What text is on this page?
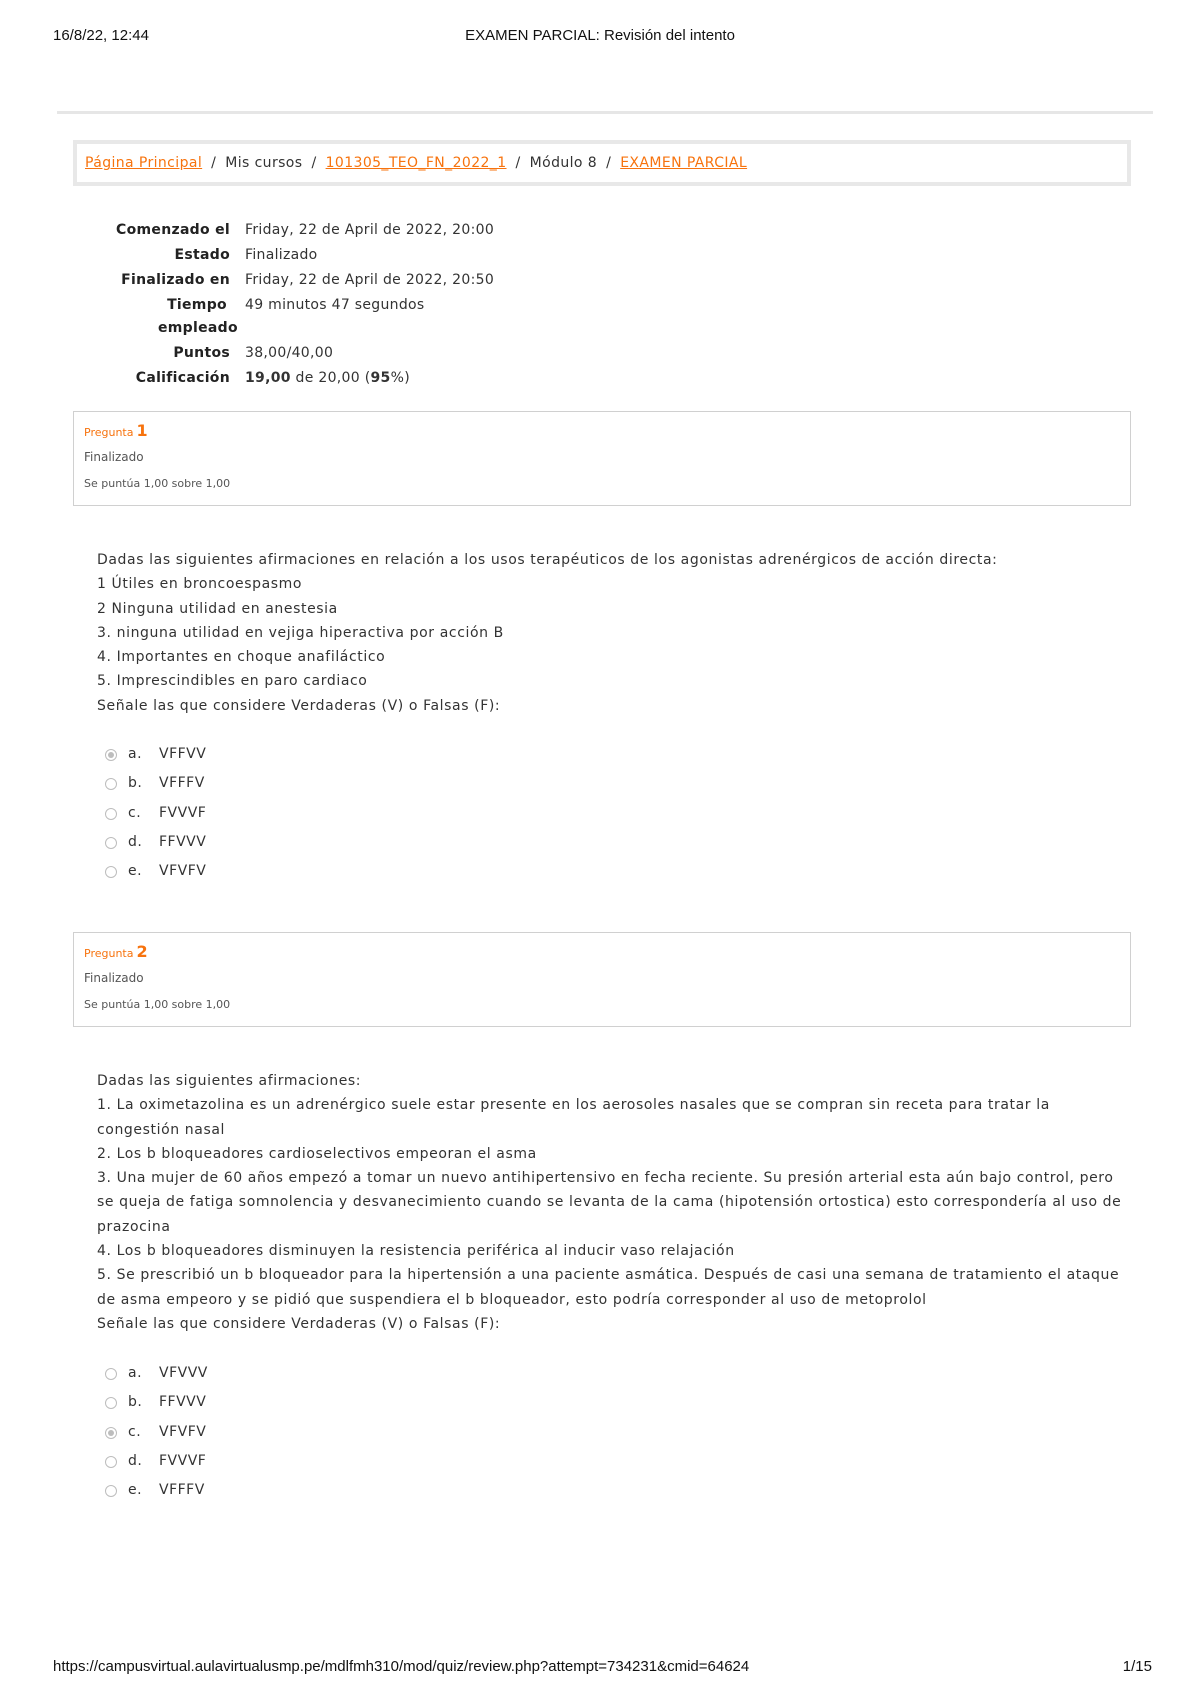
16/8/22, 12:44	EXAMEN PARCIAL: Revisión del intento
Página Principal / Mis cursos / 101305_TEO_FN_2022_1 / Módulo 8 / EXAMEN PARCIAL
Comenzado el Friday, 22 de April de 2022, 20:00
Estado Finalizado
Finalizado en Friday, 22 de April de 2022, 20:50
Tiempo empleado
49 minutos 47 segundos
Puntos 38,00/40,00
Calificación 19,00 de 20,00 (95%)
Pregunta 1
Finalizado
Se puntúa 1,00 sobre 1,00
Dadas las siguientes afirmaciones en relación a los usos terapéuticos de los agonistas adrenérgicos de acción directa:
1 Útiles en broncoespasmo
2 Ninguna utilidad en anestesia
3. ninguna utilidad en vejiga hiperactiva por acción B
4. Importantes en choque anafiláctico
5. Imprescindibles en paro cardiaco
Señale las que considere Verdaderas (V) o Falsas (F):
a. VFFVV
b. VFFFV
c. FVVVF
d. FFVVV
e. VFVFV
Pregunta 2
Finalizado
Se puntúa 1,00 sobre 1,00
Dadas las siguientes afirmaciones:
1. La oximetazolina es un adrenérgico suele estar presente en los aerosoles nasales que se compran sin receta para tratar la congestión nasal
2. Los b bloqueadores cardioselectivos empeoran el asma
3. Una mujer de 60 años empezó a tomar un nuevo antihipertensivo en fecha reciente. Su presión arterial esta aún bajo control, pero se queja de fatiga somnolencia y desvanecimiento cuando se levanta de la cama (hipotensión ortostica) esto correspondería al uso de prazocina
4. Los b bloqueadores disminuyen la resistencia periférica al inducir vaso relajación
5. Se prescribió un b bloqueador para la hipertensión a una paciente asmática. Después de casi una semana de tratamiento el ataque de asma empeoro y se pidió que suspendiera el b bloqueador, esto podría corresponder al uso de metoprolol
Señale las que considere Verdaderas (V) o Falsas (F):
a. VFVVV
b. FFVVV
c. VFVFV
d. FVVVF
e. VFFFV
https://campusvirtual.aulavirtualusmp.pe/mdlfmh310/mod/quiz/review.php?attempt=734231&cmid=64624	1/15
